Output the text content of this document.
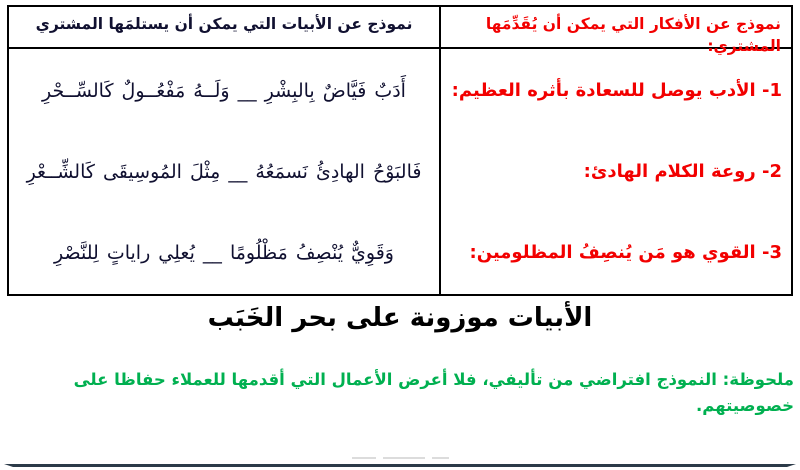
نموذج عن الأفكار التي يمكن أن يُقَدِّمَها المشتري:
نموذج عن الأبيات التي يمكن أن يستلمَها المشتري
1- الأدب يوصل للسعادة بأثره العظيم:
2- روعة الكلام الهادئ:
3- القوي هو مَن يُنصِفُ المظلومين:
أَدَبٌ فَيَّاضٌ بِالبِشْرِ __ وَلَــهُ مَفْعُــولٌ كَالسِّــحْرِ
فَالبَوْحُ الهادِئُ نَسمَعُهُ __ مِثْلَ المُوسِيقَى كَالشِّــعْرِ
وَقَوِيٌّ يُنْصِفُ مَظْلُومًا __ يُعلِي راياتٍ لِلنَّصْرِ
الأبيات موزونة على بحر الخَبَب
ملحوظة: النموذج افتراضي من تأليفي، فلا أعرض الأعمال التي أقدمها للعملاء حفاظا على خصوصيتهم.
